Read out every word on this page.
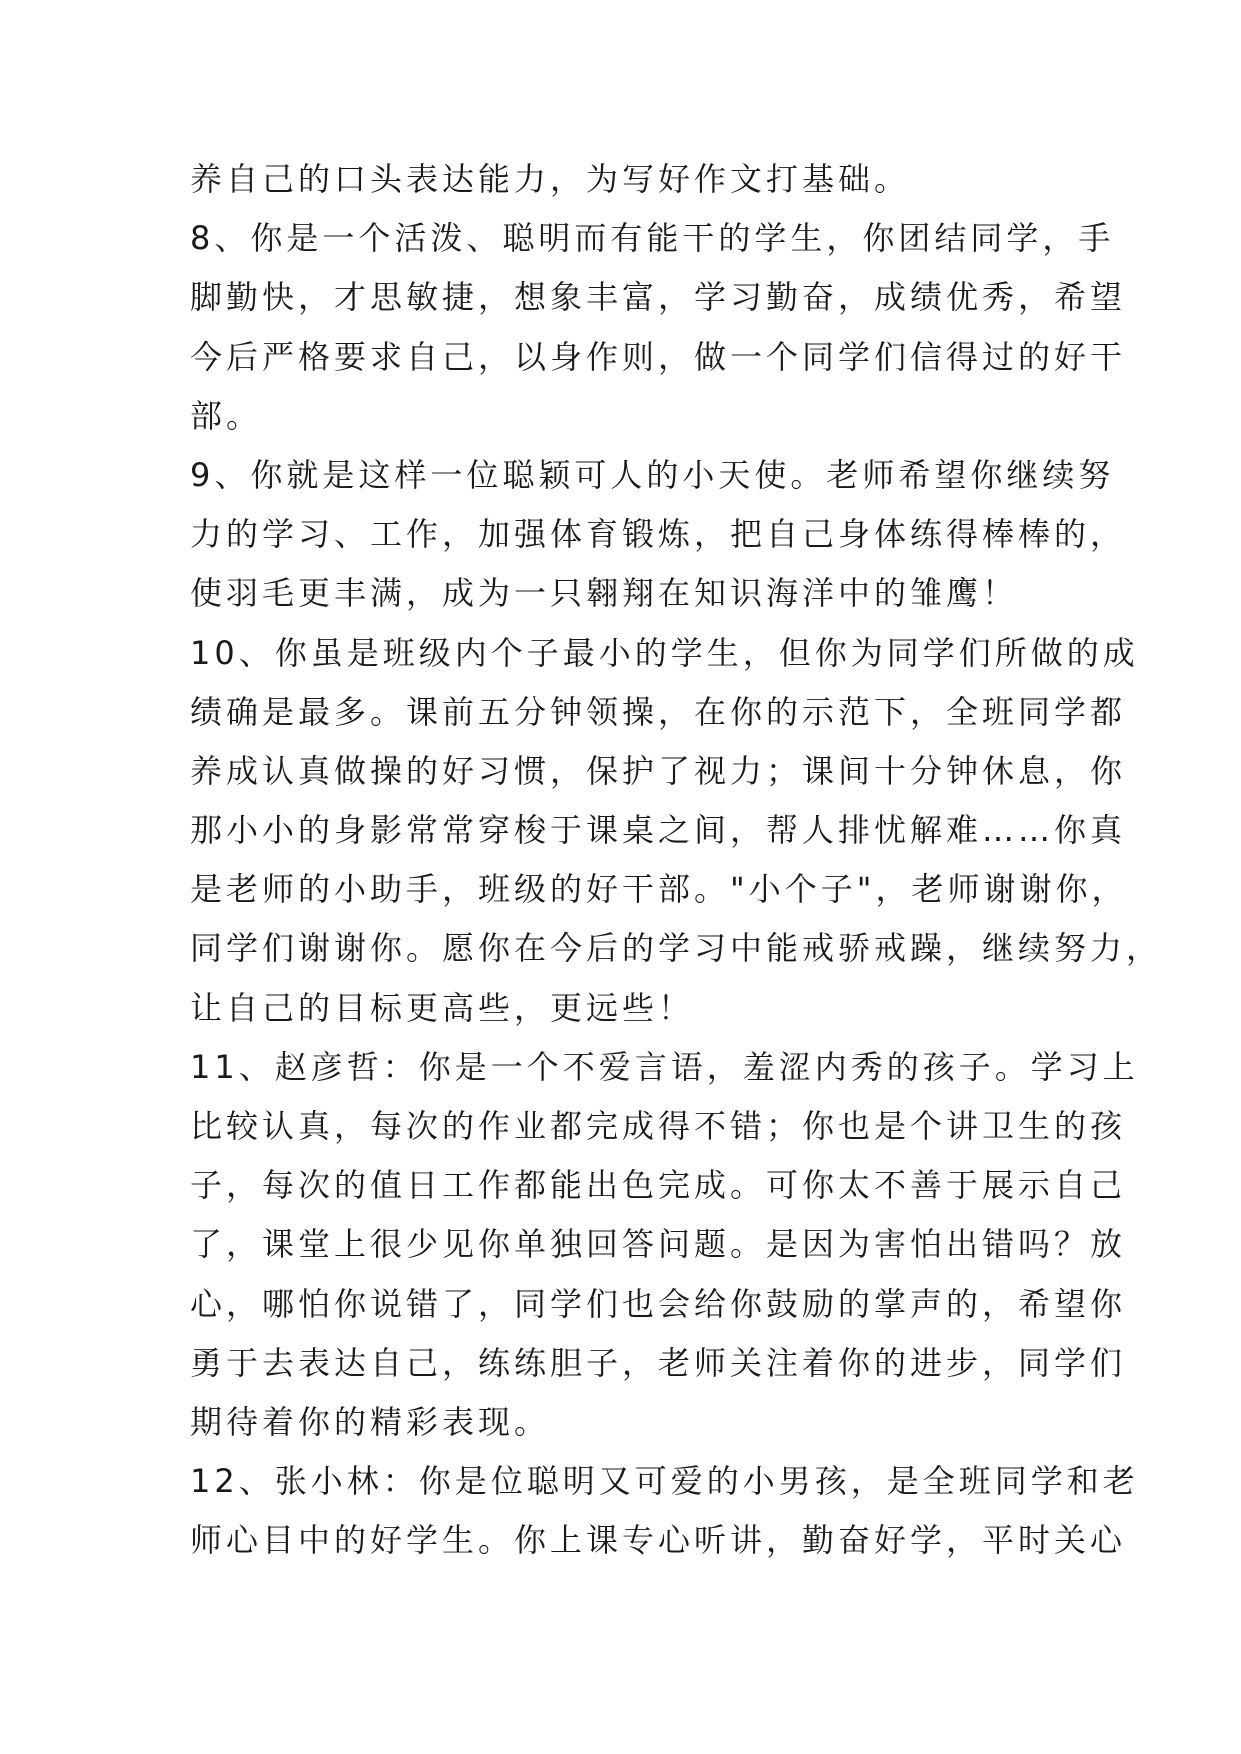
养自己的口头表达能力，为写好作文打基础。
8、你是一个活泼、聪明而有能干的学生，你团结同学，手
脚勤快，才思敏捷，想象丰富，学习勤奋，成绩优秀，希望
今后严格要求自己，以身作则，做一个同学们信得过的好干
部。
9、你就是这样一位聪颖可人的小天使。老师希望你继续努
力的学习、工作，加强体育锻炼，把自己身体练得棒棒的，
使羽毛更丰满，成为一只翱翔在知识海洋中的雏鹰！
10、你虽是班级内个子最小的学生，但你为同学们所做的成
绩确是最多。课前五分钟领操，在你的示范下，全班同学都
养成认真做操的好习惯，保护了视力；课间十分钟休息，你
那小小的身影常常穿梭于课桌之间，帮人排忧解难……你真
是老师的小助手，班级的好干部。"小个子"，老师谢谢你，
同学们谢谢你。愿你在今后的学习中能戒骄戒躁，继续努力，
让自己的目标更高些，更远些！
11、赵彦哲：你是一个不爱言语，羞涩内秀的孩子。学习上
比较认真，每次的作业都完成得不错；你也是个讲卫生的孩
子，每次的值日工作都能出色完成。可你太不善于展示自己
了，课堂上很少见你单独回答问题。是因为害怕出错吗？放
心，哪怕你说错了，同学们也会给你鼓励的掌声的，希望你
勇于去表达自己，练练胆子，老师关注着你的进步，同学们
期待着你的精彩表现。
12、张小林：你是位聪明又可爱的小男孩，是全班同学和老
师心目中的好学生。你上课专心听讲，勤奋好学，平时关心
